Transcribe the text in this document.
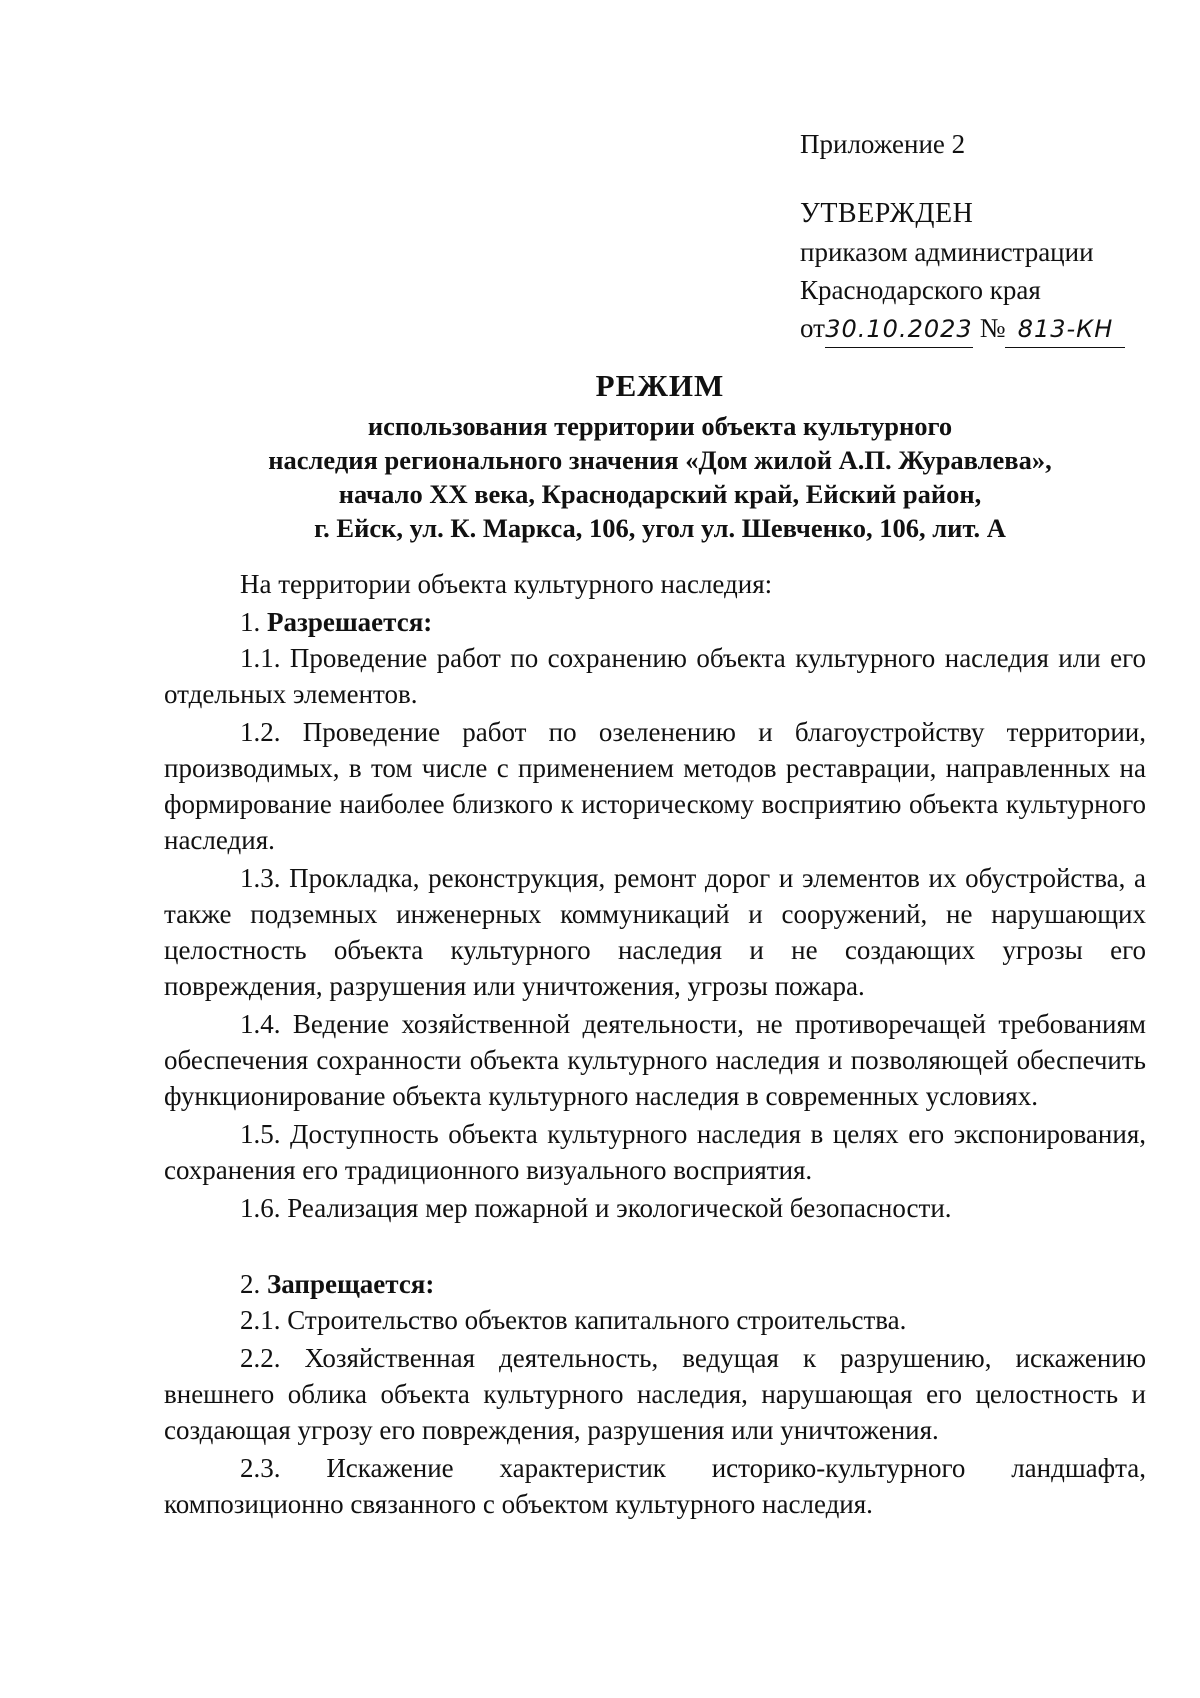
Приложение 2
УТВЕРЖДЕН
приказом администрации
Краснодарского края
от30.10.2023 № 813-КН
РЕЖИМ
использования территории объекта культурного
наследия регионального значения «Дом жилой А.П. Журавлева»,
начало XX века, Краснодарский край, Ейский район,
г. Ейск, ул. К. Маркса, 106, угол ул. Шевченко, 106, лит. А
На территории объекта культурного наследия:
1. Разрешается:
1.1. Проведение работ по сохранению объекта культурного наследия или его отдельных элементов.
1.2. Проведение работ по озеленению и благоустройству территории, производимых, в том числе с применением методов реставрации, направленных на формирование наиболее близкого к историческому восприятию объекта культурного наследия.
1.3. Прокладка, реконструкция, ремонт дорог и элементов их обустройства, а также подземных инженерных коммуникаций и сооружений, не нарушающих целостность объекта культурного наследия и не создающих угрозы его повреждения, разрушения или уничтожения, угрозы пожара.
1.4. Ведение хозяйственной деятельности, не противоречащей требованиям обеспечения сохранности объекта культурного наследия и позволяющей обеспечить функционирование объекта культурного наследия в современных условиях.
1.5. Доступность объекта культурного наследия в целях его экспонирования, сохранения его традиционного визуального восприятия.
1.6. Реализация мер пожарной и экологической безопасности.
2. Запрещается:
2.1. Строительство объектов капитального строительства.
2.2. Хозяйственная деятельность, ведущая к разрушению, искажению внешнего облика объекта культурного наследия, нарушающая его целостность и создающая угрозу его повреждения, разрушения или уничтожения.
2.3. Искажение характеристик историко-культурного ландшафта, композиционно связанного с объектом культурного наследия.
